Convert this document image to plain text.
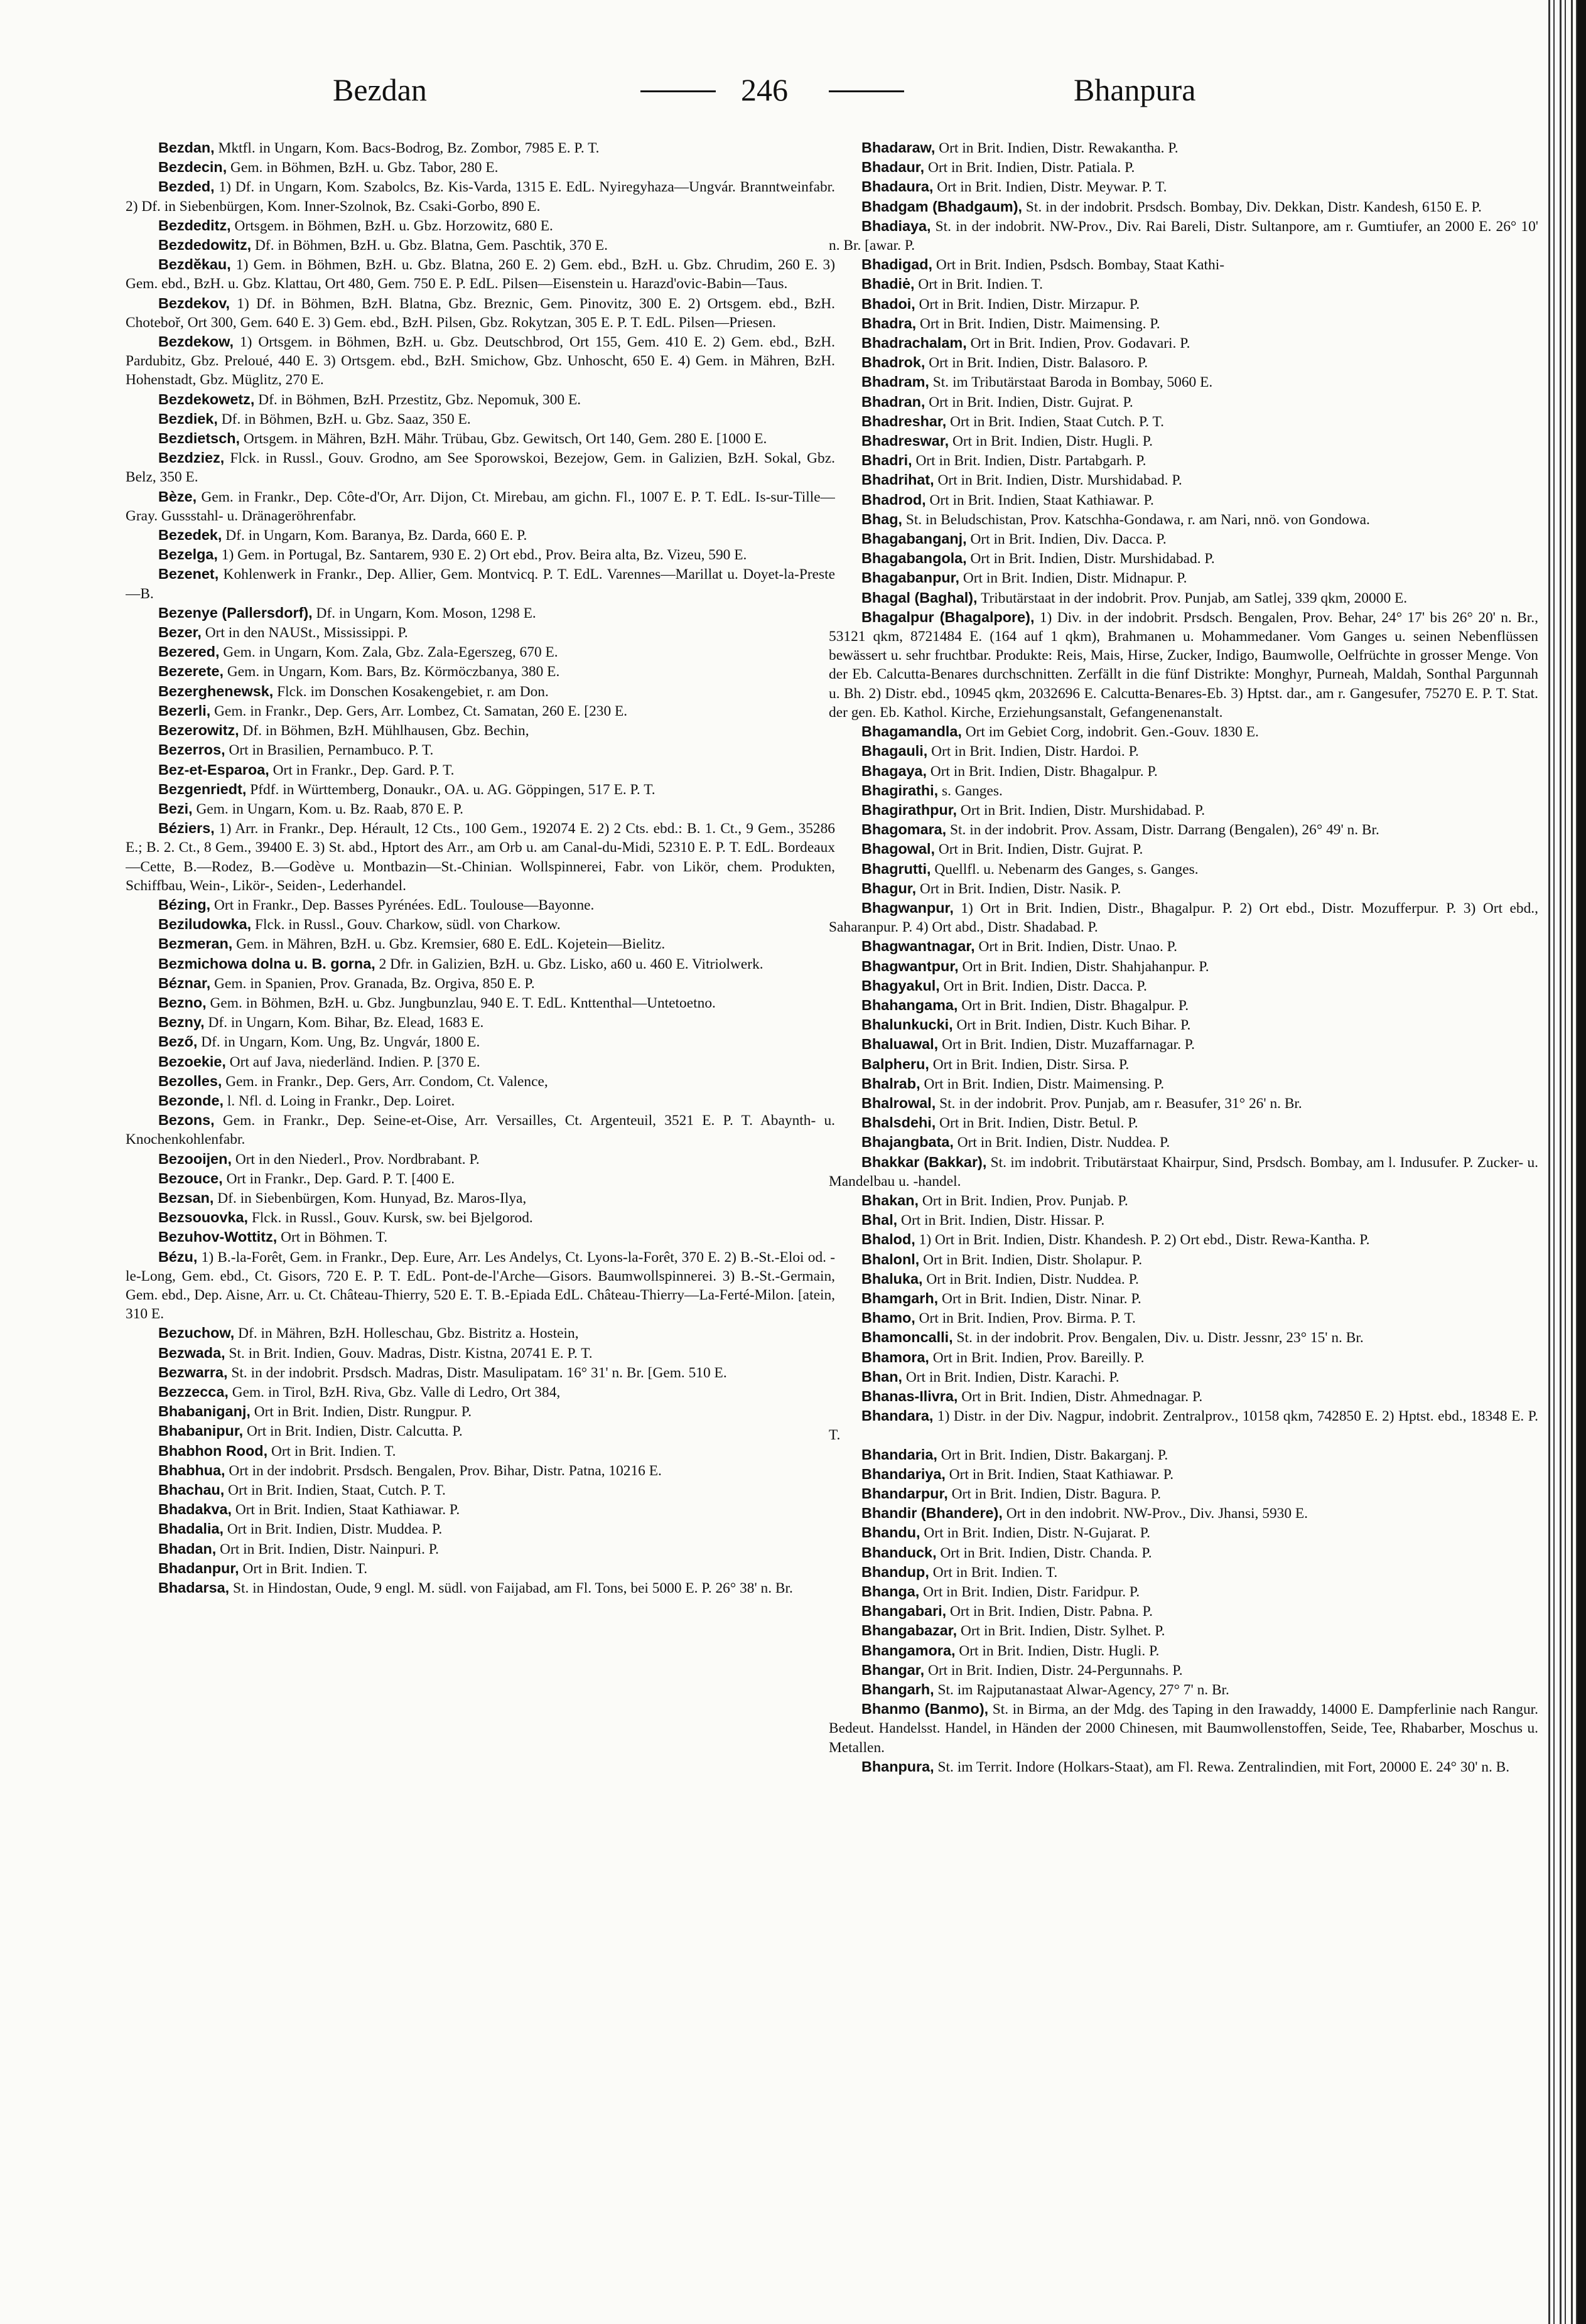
Bezdan	246	Bhanpura

Bezdan, Mktfl. in Ungarn, Kom. Bacs-Bodrog, Bz. Zombor, 7985 E. P. T.

Bezdecin, Gem. in Böhmen, BzH. u. Gbz. Tabor, 280 E.

Bezded, 1) Df. in Ungarn, Kom. Szabolcs, Bz. Kis-Varda, 1315 E. EdL. Nyiregyhaza—Ungvár. Branntweinfabr. 2) Df. in Siebenbürgen, Kom. Inner-Szolnok, Bz. Csaki-Gorbo, 890 E.

Bezdeditz, Ortsgem. in Böhmen, BzH. u. Gbz. Horzowitz, 680 E.

Bezdedowitz, Df. in Böhmen, BzH. u. Gbz. Blatna, Gem. Paschtik, 370 E.

Bezdĕkau, 1) Gem. in Böhmen, BzH. u. Gbz. Blatna, 260 E. 2) Gem. ebd., BzH. u. Gbz. Chrudim, 260 E. 3) Gem. ebd., BzH. u. Gbz. Klattau, Ort 480, Gem. 750 E. P. EdL. Pilsen—Eisenstein u. Harazd'ovic-Babin—Taus.

Bezdekov, 1) Df. in Böhmen, BzH. Blatna, Gbz. Breznic, Gem. Pinovitz, 300 E. 2) Ortsgem. ebd., BzH. Choteboř, Ort 300, Gem. 640 E. 3) Gem. ebd., BzH. Pilsen, Gbz. Rokytzan, 305 E. P. T. EdL. Pilsen—Priesen.

Bezdekow, 1) Ortsgem. in Böhmen, BzH. u. Gbz. Deutschbrod, Ort 155, Gem. 410 E. 2) Gem. ebd., BzH. Pardubitz, Gbz. Preloué, 440 E. 3) Ortsgem. ebd., BzH. Smichow, Gbz. Unhoscht, 650 E. 4) Gem. in Mähren, BzH. Hohenstadt, Gbz. Müglitz, 270 E.

Bezdekowetz, Df. in Böhmen, BzH. Przestitz, Gbz. Nepomuk, 300 E.

Bezdiek, Df. in Böhmen, BzH. u. Gbz. Saaz, 350 E.

Bezdietsch, Ortsgem. in Mähren, BzH. Mähr. Trübau, Gbz. Gewitsch, Ort 140, Gem. 280 E. [1000 E.

Bezdziez, Flck. in Russl., Gouv. Grodno, am See Sporowskoi, Bezejow, Gem. in Galizien, BzH. Sokal, Gbz. Belz, 350 E.

Bèze, Gem. in Frankr., Dep. Côte-d'Or, Arr. Dijon, Ct. Mirebau, am gichn. Fl., 1007 E. P. T. EdL. Is-sur-Tille—Gray. Gussstahl- u. Dränageröhrenfabr.

Bezedek, Df. in Ungarn, Kom. Baranya, Bz. Darda, 660 E. P.

Bezelga, 1) Gem. in Portugal, Bz. Santarem, 930 E. 2) Ort ebd., Prov. Beira alta, Bz. Vizeu, 590 E.

Bezenet, Kohlenwerk in Frankr., Dep. Allier, Gem. Montvicq. P. T. EdL. Varennes—Marillat u. Doyet-la-Preste—B.

Bezenye (Pallersdorf), Df. in Ungarn, Kom. Moson, 1298 E.

Bezer, Ort in den NAUSt., Mississippi. P.

Bezered, Gem. in Ungarn, Kom. Zala, Gbz. Zala-Egerszeg, 670 E.

Bezerete, Gem. in Ungarn, Kom. Bars, Bz. Körmöczbanya, 380 E.

Bezerghenewsk, Flck. im Donschen Kosakengebiet, r. am Don.

Bezerli, Gem. in Frankr., Dep. Gers, Arr. Lombez, Ct. Samatan, 260 E. [230 E.

Bezerowitz, Df. in Böhmen, BzH. Mühlhausen, Gbz. Bechin,

Bezerros, Ort in Brasilien, Pernambuco. P. T.

Bez-et-Esparoa, Ort in Frankr., Dep. Gard. P. T.

Bezgenriedt, Pfdf. in Württemberg, Donaukr., OA. u. AG. Göppingen, 517 E. P. T.

Bezi, Gem. in Ungarn, Kom. u. Bz. Raab, 870 E. P.

Béziers, 1) Arr. in Frankr., Dep. Hérault, 12 Cts., 100 Gem., 192074 E. 2) 2 Cts. ebd.: B. 1. Ct., 9 Gem., 35286 E.; B. 2. Ct., 8 Gem., 39400 E. 3) St. abd., Hptort des Arr., am Orb u. am Canal-du-Midi, 52310 E. P. T. EdL. Bordeaux—Cette, B.—Rodez, B.—Godève u. Montbazin—St.-Chinian. Wollspinnerei, Fabr. von Likör, chem. Produkten, Schiffbau, Wein-, Likör-, Seiden-, Lederhandel.

Bézing, Ort in Frankr., Dep. Basses Pyrénées. EdL. Toulouse—Bayonne.

Beziludowka, Flck. in Russl., Gouv. Charkow, südl. von Charkow.

Bezmeran, Gem. in Mähren, BzH. u. Gbz. Kremsier, 680 E. EdL. Kojetein—Bielitz.

Bezmichowa dolna u. B. gorna, 2 Dfr. in Galizien, BzH. u. Gbz. Lisko, a60 u. 460 E. Vitriolwerk.

Béznar, Gem. in Spanien, Prov. Granada, Bz. Orgiva, 850 E. P.

Bezno, Gem. in Böhmen, BzH. u. Gbz. Jungbunzlau, 940 E. T. EdL. Knttenthal—Untetoetno.

Bezny, Df. in Ungarn, Kom. Bihar, Bz. Elead, 1683 E.

Bező, Df. in Ungarn, Kom. Ung, Bz. Ungvár, 1800 E.

Bezoekie, Ort auf Java, niederländ. Indien. P. [370 E.

Bezolles, Gem. in Frankr., Dep. Gers, Arr. Condom, Ct. Valence,

Bezonde, l. Nfl. d. Loing in Frankr., Dep. Loiret.

Bezons, Gem. in Frankr., Dep. Seine-et-Oise, Arr. Versailles, Ct. Argenteuil, 3521 E. P. T. Abaynth- u. Knochenkohlenfabr.

Bezooijen, Ort in den Niederl., Prov. Nordbrabant. P.

Bezouce, Ort in Frankr., Dep. Gard. P. T. [400 E.

Bezsan, Df. in Siebenbürgen, Kom. Hunyad, Bz. Maros-Ilya,

Bezsouovka, Flck. in Russl., Gouv. Kursk, sw. bei Bjelgorod.

Bezuhov-Wottitz, Ort in Böhmen. T.

Bézu, 1) B.-la-Forêt, Gem. in Frankr., Dep. Eure, Arr. Les Andelys, Ct. Lyons-la-Forêt, 370 E. 2) B.-St.-Eloi od. -le-Long, Gem. ebd., Ct. Gisors, 720 E. P. T. EdL. Pont-de-l'Arche—Gisors. Baumwollspinnerei. 3) B.-St.-Germain, Gem. ebd., Dep. Aisne, Arr. u. Ct. Château-Thierry, 520 E. T. B.-Epiada EdL. Château-Thierry—La-Ferté-Milon. [atein, 310 E.

Bezuchow, Df. in Mähren, BzH. Holleschau, Gbz. Bistritz a. Hostein,

Bezwada, St. in Brit. Indien, Gouv. Madras, Distr. Kistna, 20741 E. P. T.

Bezwarra, St. in der indobrit. Prsdsch. Madras, Distr. Masulipatam. 16° 31' n. Br. [Gem. 510 E.

Bezzecca, Gem. in Tirol, BzH. Riva, Gbz. Valle di Ledro, Ort 384,

Bhabaniganj, Ort in Brit. Indien, Distr. Rungpur. P.

Bhabanipur, Ort in Brit. Indien, Distr. Calcutta. P.

Bhabhon Rood, Ort in Brit. Indien. T.

Bhabhua, Ort in der indobrit. Prsdsch. Bengalen, Prov. Bihar, Distr. Patna, 10216 E.

Bhachau, Ort in Brit. Indien, Staat, Cutch. P. T.

Bhadakva, Ort in Brit. Indien, Staat Kathiawar. P.

Bhadalia, Ort in Brit. Indien, Distr. Muddea. P.

Bhadan, Ort in Brit. Indien, Distr. Nainpuri. P.

Bhadanpur, Ort in Brit. Indien. T.

Bhadarsa, St. in Hindostan, Oude, 9 engl. M. südl. von Faijabad, am Fl. Tons, bei 5000 E. P. 26° 38' n. Br.

Bhadaraw, Ort in Brit. Indien, Distr. Rewakantha. P.

Bhadaur, Ort in Brit. Indien, Distr. Patiala. P.

Bhadaura, Ort in Brit. Indien, Distr. Meywar. P. T.

Bhadgam (Bhadgaum), St. in der indobrit. Prsdsch. Bombay, Div. Dekkan, Distr. Kandesh, 6150 E. P.

Bhadiaya, St. in der indobrit. NW-Prov., Div. Rai Bareli, Distr. Sultanpore, am r. Gumtiufer, an 2000 E. 26° 10' n. Br. [awar. P.

Bhadigad, Ort in Brit. Indien, Psdsch. Bombay, Staat Kathi-

Bhadiė, Ort in Brit. Indien. T.

Bhadoi, Ort in Brit. Indien, Distr. Mirzapur. P.

Bhadra, Ort in Brit. Indien, Distr. Maimensing. P.

Bhadrachalam, Ort in Brit. Indien, Prov. Godavari. P.

Bhadrok, Ort in Brit. Indien, Distr. Balasoro. P.

Bhadram, St. im Tributärstaat Baroda in Bombay, 5060 E.

Bhadran, Ort in Brit. Indien, Distr. Gujrat. P.

Bhadreshar, Ort in Brit. Indien, Staat Cutch. P. T.

Bhadreswar, Ort in Brit. Indien, Distr. Hugli. P.

Bhadri, Ort in Brit. Indien, Distr. Partabgarh. P.

Bhadrihat, Ort in Brit. Indien, Distr. Murshidabad. P.

Bhadrod, Ort in Brit. Indien, Staat Kathiawar. P.

Bhag, St. in Beludschistan, Prov. Katschha-Gondawa, r. am Nari, nnö. von Gondowa.

Bhagabanganj, Ort in Brit. Indien, Div. Dacca. P.

Bhagabangola, Ort in Brit. Indien, Distr. Murshidabad. P.

Bhagabanpur, Ort in Brit. Indien, Distr. Midnapur. P.

Bhagal (Baghal), Tributärstaat in der indobrit. Prov. Punjab, am Satlej, 339 qkm, 20000 E.

Bhagalpur (Bhagalpore), 1) Div. in der indobrit. Prsdsch. Bengalen, Prov. Behar, 24° 17' bis 26° 20' n. Br., 53121 qkm, 8721484 E. (164 auf 1 qkm), Brahmanen u. Mohammedaner. Vom Ganges u. seinen Nebenflüssen bewässert u. sehr fruchtbar. Produkte: Reis, Mais, Hirse, Zucker, Indigo, Baumwolle, Oelfrüchte in grosser Menge. Von der Eb. Calcutta-Benares durchschnitten. Zerfällt in die fünf Distrikte: Monghyr, Purneah, Maldah, Sonthal Pargunnah u. Bh. 2) Distr. ebd., 10945 qkm, 2032696 E. Calcutta-Benares-Eb. 3) Hptst. dar., am r. Gangesufer, 75270 E. P. T. Stat. der gen. Eb. Kathol. Kirche, Erziehungsanstalt, Gefangenenanstalt.

Bhagamandla, Ort im Gebiet Corg, indobrit. Gen.-Gouv. 1830 E.

Bhagauli, Ort in Brit. Indien, Distr. Hardoi. P.

Bhagaya, Ort in Brit. Indien, Distr. Bhagalpur. P.

Bhagirathi, s. Ganges.

Bhagirathpur, Ort in Brit. Indien, Distr. Murshidabad. P.

Bhagomara, St. in der indobrit. Prov. Assam, Distr. Darrang (Bengalen), 26° 49' n. Br.

Bhagowal, Ort in Brit. Indien, Distr. Gujrat. P.

Bhagrutti, Quellfl. u. Nebenarm des Ganges, s. Ganges.

Bhagur, Ort in Brit. Indien, Distr. Nasik. P.

Bhagwanpur, 1) Ort in Brit. Indien, Distr., Bhagalpur. P. 2) Ort ebd., Distr. Mozufferpur. P. 3) Ort ebd., Saharanpur. P. 4) Ort abd., Distr. Shadabad. P.

Bhagwantnagar, Ort in Brit. Indien, Distr. Unao. P.

Bhagwantpur, Ort in Brit. Indien, Distr. Shahjahanpur. P.

Bhagyakul, Ort in Brit. Indien, Distr. Dacca. P.

Bhahangama, Ort in Brit. Indien, Distr. Bhagalpur. P.

Bhalunkucki, Ort in Brit. Indien, Distr. Kuch Bihar. P.

Bhaluawal, Ort in Brit. Indien, Distr. Muzaffarnagar. P.

Balpheru, Ort in Brit. Indien, Distr. Sirsa. P.

Bhalrab, Ort in Brit. Indien, Distr. Maimensing. P.

Bhalrowal, St. in der indobrit. Prov. Punjab, am r. Beasufer, 31° 26' n. Br.

Bhalsdehi, Ort in Brit. Indien, Distr. Betul. P.

Bhajangbata, Ort in Brit. Indien, Distr. Nuddea. P.

Bhakkar (Bakkar), St. im indobrit. Tributärstaat Khairpur, Sind, Prsdsch. Bombay, am l. Indusufer. P. Zucker- u. Mandelbau u. -handel.

Bhakan, Ort in Brit. Indien, Prov. Punjab. P.

Bhal, Ort in Brit. Indien, Distr. Hissar. P.

Bhalod, 1) Ort in Brit. Indien, Distr. Khandesh. P. 2) Ort ebd., Distr. Rewa-Kantha. P.

Bhalonl, Ort in Brit. Indien, Distr. Sholapur. P.

Bhaluka, Ort in Brit. Indien, Distr. Nuddea. P.

Bhamgarh, Ort in Brit. Indien, Distr. Ninar. P.

Bhamo, Ort in Brit. Indien, Prov. Birma. P. T.

Bhamoncalli, St. in der indobrit. Prov. Bengalen, Div. u. Distr. Jessnr, 23° 15' n. Br.

Bhamora, Ort in Brit. Indien, Prov. Bareilly. P.

Bhan, Ort in Brit. Indien, Distr. Karachi. P.

Bhanas-Ilivra, Ort in Brit. Indien, Distr. Ahmednagar. P.

Bhandara, 1) Distr. in der Div. Nagpur, indobrit. Zentralprov., 10158 qkm, 742850 E. 2) Hptst. ebd., 18348 E. P. T.

Bhandaria, Ort in Brit. Indien, Distr. Bakarganj. P.

Bhandariya, Ort in Brit. Indien, Staat Kathiawar. P.

Bhandarpur, Ort in Brit. Indien, Distr. Bagura. P.

Bhandir (Bhandere), Ort in den indobrit. NW-Prov., Div. Jhansi, 5930 E.

Bhandu, Ort in Brit. Indien, Distr. N-Gujarat. P.

Bhanduck, Ort in Brit. Indien, Distr. Chanda. P.

Bhandup, Ort in Brit. Indien. T.

Bhanga, Ort in Brit. Indien, Distr. Faridpur. P.

Bhangabari, Ort in Brit. Indien, Distr. Pabna. P.

Bhangabazar, Ort in Brit. Indien, Distr. Sylhet. P.

Bhangamora, Ort in Brit. Indien, Distr. Hugli. P.

Bhangar, Ort in Brit. Indien, Distr. 24-Pergunnahs. P.

Bhangarh, St. im Rajputanastaat Alwar-Agency, 27° 7' n. Br.

Bhanmo (Banmo), St. in Birma, an der Mdg. des Taping in den Irawaddy, 14000 E. Dampferlinie nach Rangur. Bedeut. Handelsst. Handel, in Händen der 2000 Chinesen, mit Baumwollenstoffen, Seide, Tee, Rhabarber, Moschus u. Metallen.

Bhanpura, St. im Territ. Indore (Holkars-Staat), am Fl. Rewa. Zentralindien, mit Fort, 20000 E. 24° 30' n. B.
